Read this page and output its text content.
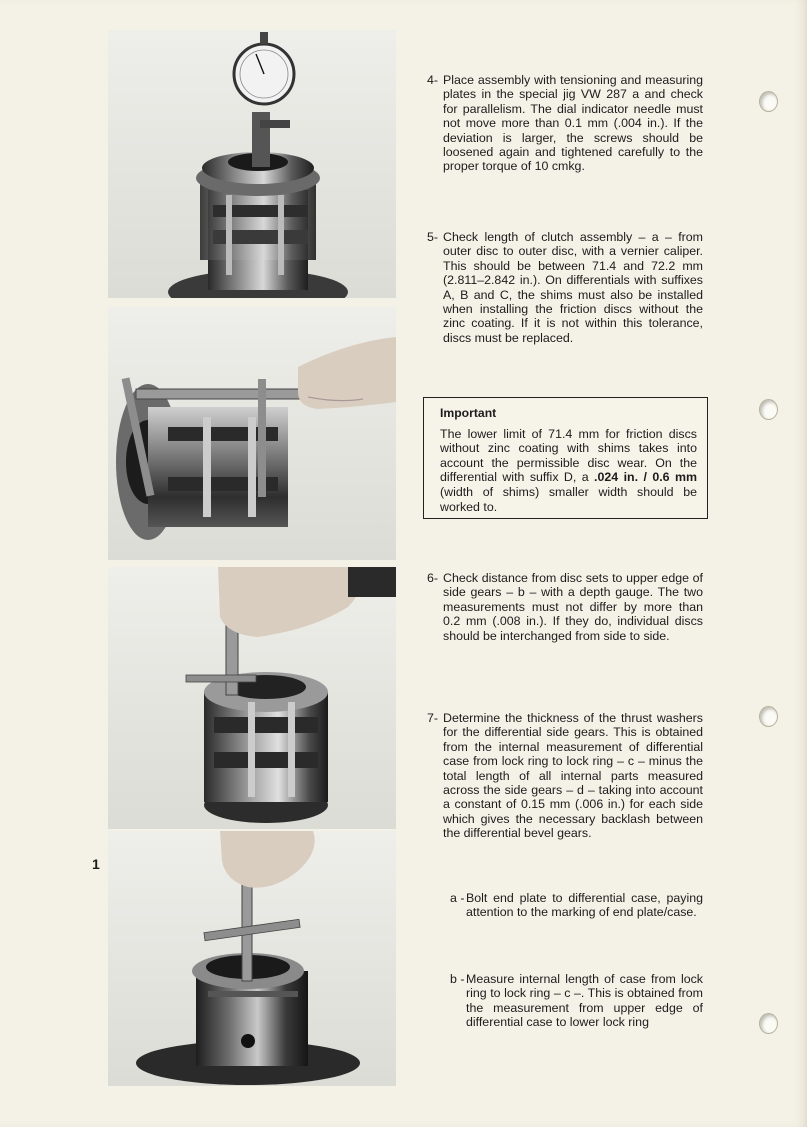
4- Place assembly with tensioning and measuring plates in the special jig VW 287 a and check for parallelism. The dial indicator needle must not move more than 0.1 mm (.004 in.). If the deviation is larger, the screws should be loosened again and tightened carefully to the proper torque of 10 cmkg.
5- Check length of clutch assembly – a – from outer disc to outer disc, with a vernier caliper. This should be between 71.4 and 72.2 mm (2.811–2.842 in.). On differentials with suffixes A, B and C, the shims must also be installed when installing the friction discs without the zinc coating. If it is not within this tolerance, discs must be replaced.
Important
The lower limit of 71.4 mm for friction discs without zinc coating with shims takes into account the permissible disc wear. On the differential with suffix D, a .024 in. / 0.6 mm (width of shims) smaller width should be worked to.
6- Check distance from disc sets to upper edge of side gears – b – with a depth gauge. The two measurements must not differ by more than 0.2 mm (.008 in.). If they do, individual discs should be interchanged from side to side.
7- Determine the thickness of the thrust washers for the differential side gears. This is obtained from the internal measurement of differential case from lock ring to lock ring – c – minus the total length of all internal parts measured across the side gears – d – taking into account a constant of 0.15 mm (.006 in.) for each side which gives the necessary backlash between the differential bevel gears.
a - Bolt end plate to differential case, paying attention to the marking of end plate/case.
b - Measure internal length of case from lock ring to lock ring – c –. This is obtained from the measurement from upper edge of differential case to lower lock ring
1
